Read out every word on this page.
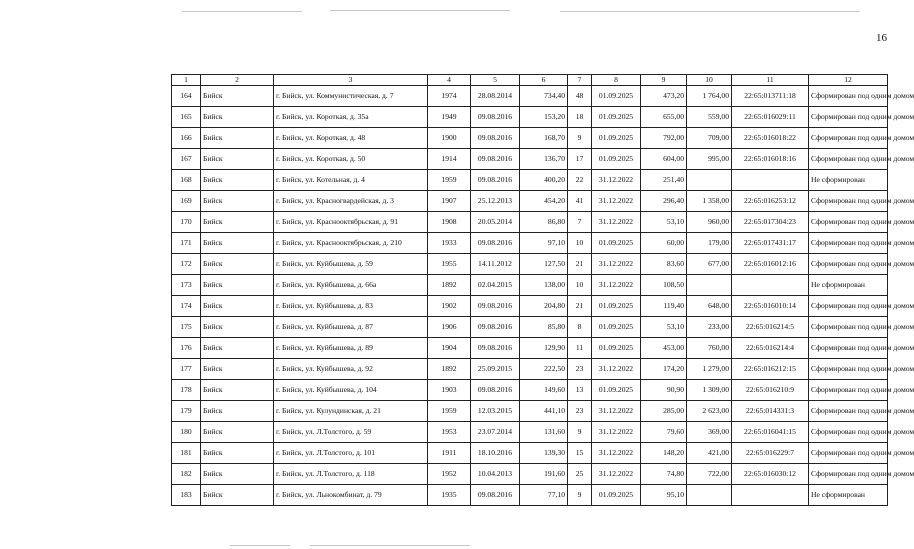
16
1	2	3	4	5	6	7	8	9	10	11	12
164	Бийск	г. Бийск, ул. Коммунистическая, д. 7	1974	28.08.2014	734,40	48	01.09.2025	473,20	1 764,00	22:65:013711:18	Сформирован под одним домом
165	Бийск	г. Бийск, ул. Короткая, д. 35а	1949	09.08.2016	153,20	18	01.09.2025	655,00	559,00	22:65:016029:11	Сформирован под одним домом
166	Бийск	г. Бийск, ул. Короткая, д. 48	1900	09.08.2016	168,70	9	01.09.2025	792,00	709,00	22:65:016018:22	Сформирован под одним домом
167	Бийск	г. Бийск, ул. Короткая, д. 50	1914	09.08.2016	136,70	17	01.09.2025	604,00	995,00	22:65:016018:16	Сформирован под одним домом
168	Бийск	г. Бийск, ул. Котельная, д. 4	1959	09.08.2016	400,20	22	31.12.2022	251,40			Не сформирован
169	Бийск	г. Бийск, ул. Красногвардейская, д. 3	1907	25.12.2013	454,20	41	31.12.2022	296,40	1 358,00	22:65:016253:12	Сформирован под одним домом
170	Бийск	г. Бийск, ул. Краснооктябрьская, д. 91	1908	20.05.2014	86,80	7	31.12.2022	53,10	960,00	22:65:017304:23	Сформирован под одним домом
171	Бийск	г. Бийск, ул. Краснооктябрьская, д. 210	1933	09.08.2016	97,10	10	01.09.2025	60,00	179,00	22:65:017431:17	Сформирован под одним домом
172	Бийск	г. Бийск, ул. Куйбышева, д. 59	1955	14.11.2012	127,50	21	31.12.2022	83,60	677,00	22:65:016012:16	Сформирован под одним домом
173	Бийск	г. Бийск, ул. Куйбышева, д. 66а	1892	02.04.2015	138,00	10	31.12.2022	108,50			Не сформирован
174	Бийск	г. Бийск, ул. Куйбышева, д. 83	1902	09.08.2016	204,80	21	01.09.2025	119,40	648,00	22:65:016010:14	Сформирован под одним домом
175	Бийск	г. Бийск, ул. Куйбышева, д. 87	1906	09.08.2016	85,80	8	01.09.2025	53,10	233,00	22:65:016214:5	Сформирован под одним домом
176	Бийск	г. Бийск, ул. Куйбышева, д. 89	1904	09.08.2016	129,90	11	01.09.2025	453,00	760,00	22:65:016214:4	Сформирован под одним домом
177	Бийск	г. Бийск, ул. Куйбышева, д. 92	1892	25.09.2015	222,50	23	31.12.2022	174,20	1 279,00	22:65:016212:15	Сформирован под одним домом
178	Бийск	г. Бийск, ул. Куйбышева, д. 104	1903	09.08.2016	149,60	13	01.09.2025	90,90	1 309,00	22:65:016210:9	Сформирован под одним домом
179	Бийск	г. Бийск, ул. Кулундинская, д. 21	1959	12.03.2015	441,10	23	31.12.2022	285,00	2 623,00	22:65:014331:3	Сформирован под одним домом
180	Бийск	г. Бийск, ул. Л.Толстого, д. 59	1953	23.07.2014	131,60	9	31.12.2022	79,60	369,00	22:65:016041:15	Сформирован под одним домом
181	Бийск	г. Бийск, ул. Л.Толстого, д. 101	1911	18.10.2016	139,30	15	31.12.2022	148,20	421,00	22:65:016229:7	Сформирован под одним домом
182	Бийск	г. Бийск, ул. Л.Толстого, д. 118	1952	10.04.2013	191,60	25	31.12.2022	74,80	722,00	22:65:016030:12	Сформирован под одним домом
183	Бийск	г. Бийск, ул. Льнокомбинат, д. 79	1935	09.08.2016	77,10	9	01.09.2025	95,10			Не сформирован
